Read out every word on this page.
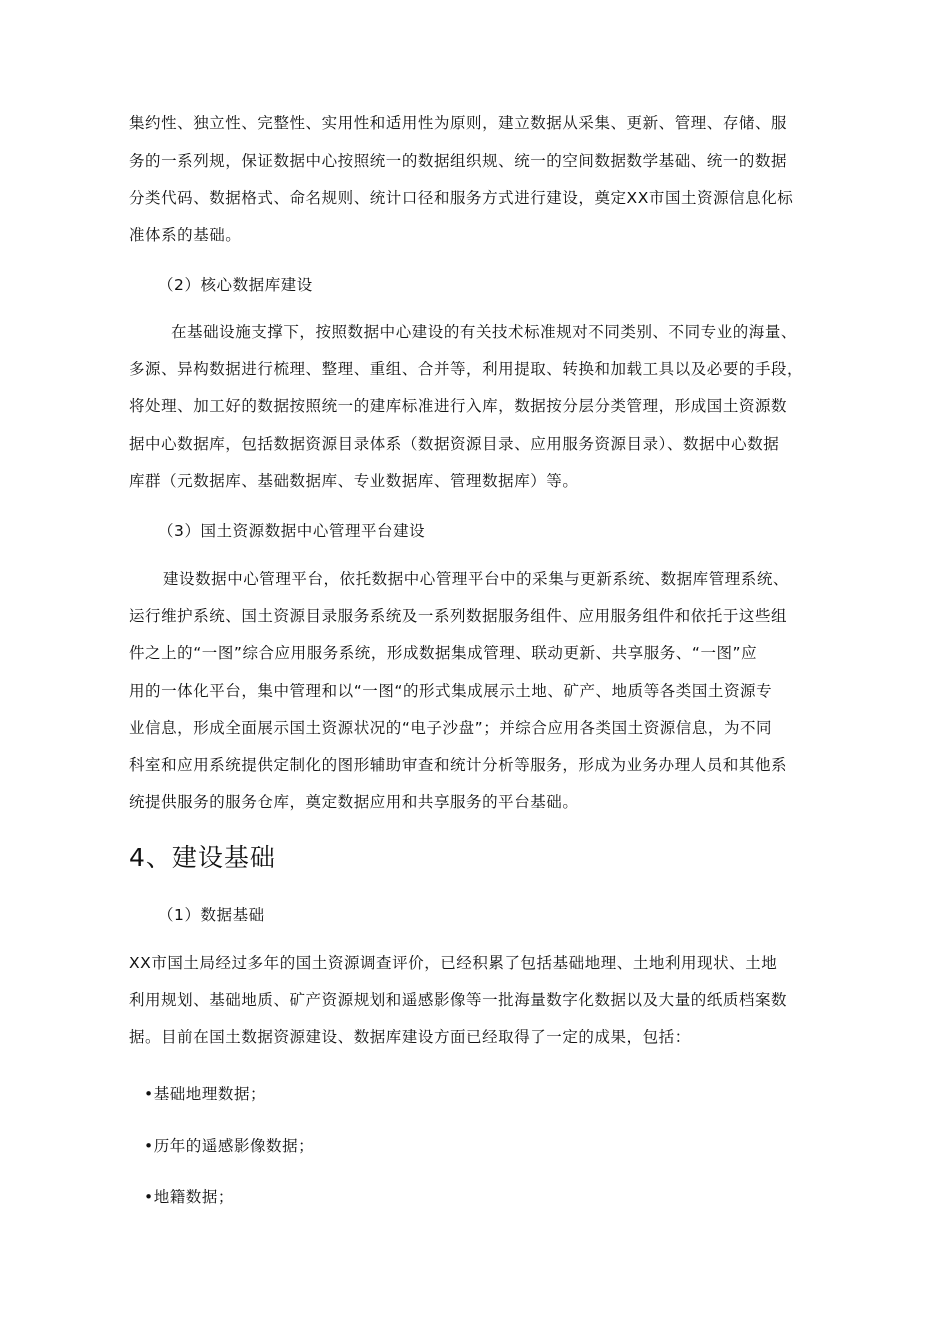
集约性、独立性、完整性、实用性和适用性为原则，建立数据从采集、更新、管理、存储、服
务的一系列规，保证数据中心按照统一的数据组织规、统一的空间数据数学基础、统一的数据
分类代码、数据格式、命名规则、统计口径和服务方式进行建设，奠定XX市国土资源信息化标
准体系的基础。
（2）核心数据库建设
在基础设施支撑下，按照数据中心建设的有关技术标准规对不同类别、不同专业的海量、
多源、异构数据进行梳理、整理、重组、合并等，利用提取、转换和加载工具以及必要的手段，
将处理、加工好的数据按照统一的建库标准进行入库，数据按分层分类管理，形成国土资源数
据中心数据库，包括数据资源目录体系（数据资源目录、应用服务资源目录）、数据中心数据
库群（元数据库、基础数据库、专业数据库、管理数据库）等。
（3）国土资源数据中心管理平台建设
建设数据中心管理平台，依托数据中心管理平台中的采集与更新系统、数据库管理系统、
运行维护系统、国土资源目录服务系统及一系列数据服务组件、应用服务组件和依托于这些组
件之上的“一图”综合应用服务系统，形成数据集成管理、联动更新、共享服务、“一图”应
用的一体化平台，集中管理和以“一图“的形式集成展示土地、矿产、地质等各类国土资源专
业信息，形成全面展示国土资源状况的“电子沙盘”；并综合应用各类国土资源信息，为不同
科室和应用系统提供定制化的图形辅助审查和统计分析等服务，形成为业务办理人员和其他系
统提供服务的服务仓库，奠定数据应用和共享服务的平台基础。
4、建设基础
（1）数据基础
XX市国土局经过多年的国土资源调查评价，已经积累了包括基础地理、土地利用现状、土地
利用规划、基础地质、矿产资源规划和遥感影像等一批海量数字化数据以及大量的纸质档案数
据。目前在国土数据资源建设、数据库建设方面已经取得了一定的成果，包括：
•基础地理数据；
•历年的遥感影像数据；
•地籍数据；
